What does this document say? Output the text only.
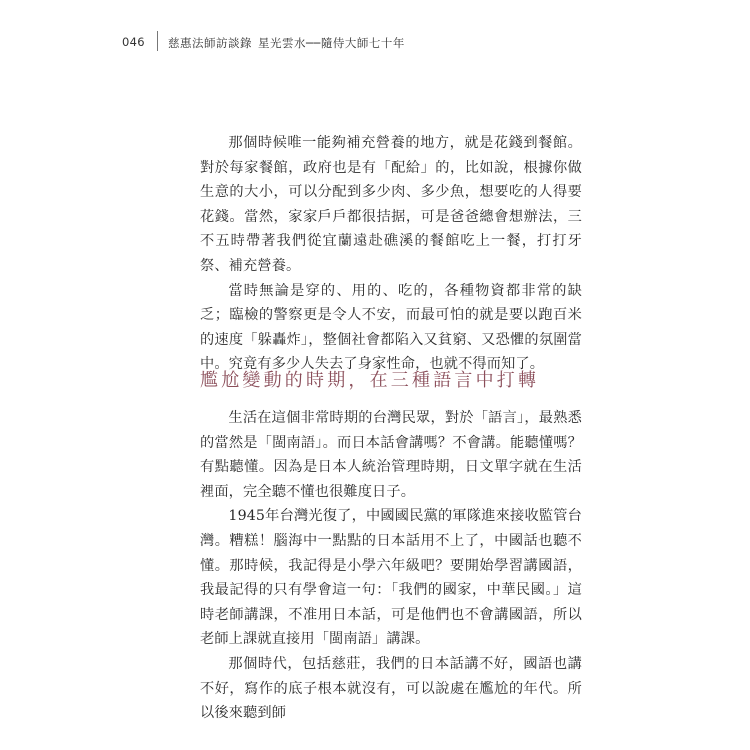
046 慈惠法師訪談錄 星光雲水──隨侍大師七十年

那個時候唯一能夠補充營養的地方，就是花錢到餐館。對於每家餐館，政府也是有「配給」的，比如說，根據你做生意的大小，可以分配到多少肉、多少魚，想要吃的人得要花錢。當然，家家戶戶都很拮据，可是爸爸總會想辦法，三不五時帶著我們從宜蘭遠赴礁溪的餐館吃上一餐，打打牙祭、補充營養。

當時無論是穿的、用的、吃的，各種物資都非常的缺乏；臨檢的警察更是令人不安，而最可怕的就是要以跑百米的速度「躲轟炸」，整個社會都陷入又貧窮、又恐懼的氛圍當中。究竟有多少人失去了身家性命，也就不得而知了。

尷尬變動的時期，在三種語言中打轉

生活在這個非常時期的台灣民眾，對於「語言」，最熟悉的當然是「閩南語」。而日本話會講嗎？不會講。能聽懂嗎？有點聽懂。因為是日本人統治管理時期，日文單字就在生活裡面，完全聽不懂也很難度日子。

1945年台灣光復了，中國國民黨的軍隊進來接收監管台灣。糟糕！腦海中一點點的日本話用不上了，中國話也聽不懂。那時候，我記得是小學六年級吧？要開始學習講國語，我最記得的只有學會這一句：「我們的國家，中華民國。」這時老師講課，不准用日本話，可是他們也不會講國語，所以老師上課就直接用「閩南語」講課。

那個時代，包括慈莊，我們的日本話講不好，國語也講不好，寫作的底子根本就沒有，可以說處在尷尬的年代。所以後來聽到師
